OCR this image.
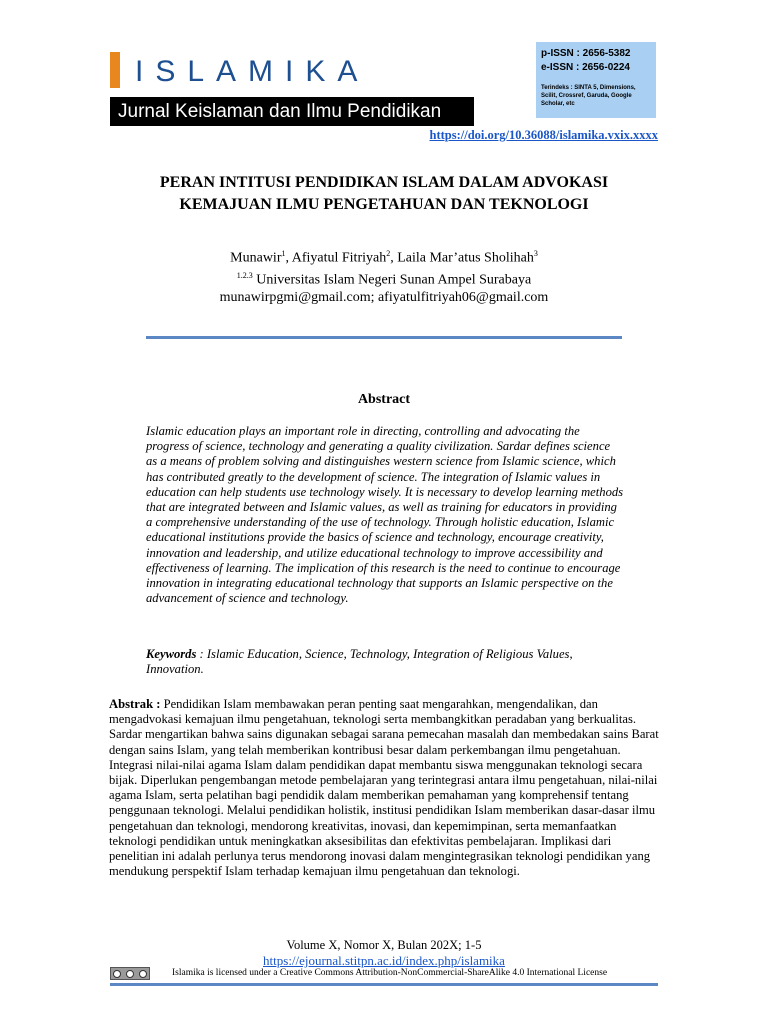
ISLAMIKA
Jurnal Keislaman dan Ilmu Pendidikan
p-ISSN : 2656-5382
e-ISSN : 2656-0224
Terindeks : SINTA 5, Dimensions, Scilit, Crossref, Garuda, Google Scholar, etc
https://doi.org/10.36088/islamika.vxix.xxxx
PERAN INTITUSI PENDIDIKAN ISLAM DALAM ADVOKASI
KEMAJUAN ILMU PENGETAHUAN DAN TEKNOLOGI
Munawir$^1$, Afiyatul Fitriyah$^2$, Laila Mar’atus Sholihah$^3$
$^{1.2.3}$ Universitas Islam Negeri Sunan Ampel Surabaya
munawirpgmi@gmail.com; afiyatulfitriyah06@gmail.com
Abstract
Islamic education plays an important role in directing, controlling and advocating the progress of science, technology and generating a quality civilization. Sardar defines science as a means of problem solving and distinguishes western science from Islamic science, which has contributed greatly to the development of science. The integration of Islamic values in education can help students use technology wisely. It is necessary to develop learning methods that are integrated between and Islamic values, as well as training for educators in providing a comprehensive understanding of the use of technology. Through holistic education, Islamic educational institutions provide the basics of science and technology, encourage creativity, innovation and leadership, and utilize educational technology to improve accessibility and effectiveness of learning. The implication of this research is the need to continue to encourage innovation in integrating educational technology that supports an Islamic perspective on the advancement of science and technology.
Keywords : Islamic Education, Science, Technology, Integration of Religious Values, Innovation.
Abstrak : Pendidikan Islam membawakan peran penting saat mengarahkan, mengendalikan, dan mengadvokasi kemajuan ilmu pengetahuan, teknologi serta membangkitkan peradaban yang berkualitas. Sardar mengartikan bahwa sains digunakan sebagai sarana pemecahan masalah dan membedakan sains Barat dengan sains Islam, yang telah memberikan kontribusi besar dalam perkembangan ilmu pengetahuan. Integrasi nilai-nilai agama Islam dalam pendidikan dapat membantu siswa menggunakan teknologi secara bijak. Diperlukan pengembangan metode pembelajaran yang terintegrasi antara ilmu pengetahuan, nilai-nilai agama Islam, serta pelatihan bagi pendidik dalam memberikan pemahaman yang komprehensif tentang penggunaan teknologi. Melalui pendidikan holistik, institusi pendidikan Islam memberikan dasar-dasar ilmu pengetahuan dan teknologi, mendorong kreativitas, inovasi, dan kepemimpinan, serta memanfaatkan teknologi pendidikan untuk meningkatkan aksesibilitas dan efektivitas pembelajaran. Implikasi dari penelitian ini adalah perlunya terus mendorong inovasi dalam mengintegrasikan teknologi pendidikan yang mendukung perspektif Islam terhadap kemajuan ilmu pengetahuan dan teknologi.
Volume X, Nomor X, Bulan 202X; 1-5
https://ejournal.stitpn.ac.id/index.php/islamika
Islamika is licensed under a Creative Commons Attribution-NonCommercial-ShareAlike 4.0 International License
